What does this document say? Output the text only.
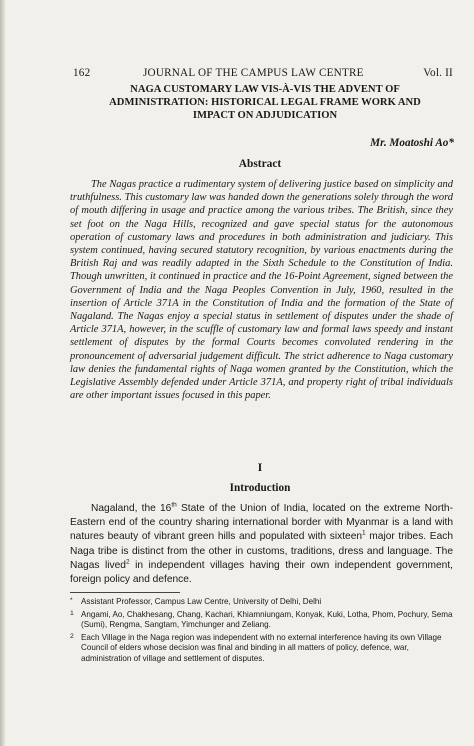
162	JOURNAL OF THE CAMPUS LAW CENTRE	Vol. II
NAGA CUSTOMARY LAW VIS-À-VIS THE ADVENT OF
ADMINISTRATION: HISTORICAL LEGAL FRAME WORK AND
IMPACT ON ADJUDICATION
Mr. Moatoshi Ao*
Abstract

The Nagas practice a rudimentary system of delivering justice based on simplicity and truthfulness. This customary law was handed down the generations solely through the word of mouth differing in usage and practice among the various tribes. The British, since they set foot on the Naga Hills, recognized and gave special status for the autonomous operation of customary laws and procedures in both administration and judiciary. This system continued, having secured statutory recognition, by various enactments during the British Raj and was readily adapted in the Sixth Schedule to the Constitution of India. Though unwritten, it continued in practice and the 16-Point Agreement, signed between the Government of India and the Naga Peoples Convention in July, 1960, resulted in the insertion of Article 371A in the Constitution of India and the formation of the State of Nagaland. The Nagas enjoy a special status in settlement of disputes under the shade of Article 371A, however, in the scuffle of customary law and formal laws speedy and instant settlement of disputes by the formal Courts becomes convoluted rendering in the pronouncement of adversarial judgement difficult. The strict adherence to Naga customary law denies the fundamental rights of Naga women granted by the Constitution, which the Legislative Assembly defended under Article 371A, and property right of tribal individuals are other important issues focused in this paper.

I
Introduction

Nagaland, the 16th State of the Union of India, located on the extreme North-Eastern end of the country sharing international border with Myanmar is a land with natures beauty of vibrant green hills and populated with sixteen$^1$ major tribes. Each Naga tribe is distinct from the other in customs, traditions, dress and language. The Nagas lived$^2$ in independent villages having their own independent government, foreign policy and defence.

* Assistant Professor, Campus Law Centre, University of Delhi, Delhi
1 Angami, Ao, Chakhesang, Chang, Kachari, Khiamniungam, Konyak, Kuki, Lotha, Phom, Pochury, Sema (Sumi), Rengma, Sangtam, Yimchunger and Zeliang.
2 Each Village in the Naga region was independent with no external interference having its own Village Council of elders whose decision was final and binding in all matters of policy, defence, war, administration of village and settlement of disputes.
